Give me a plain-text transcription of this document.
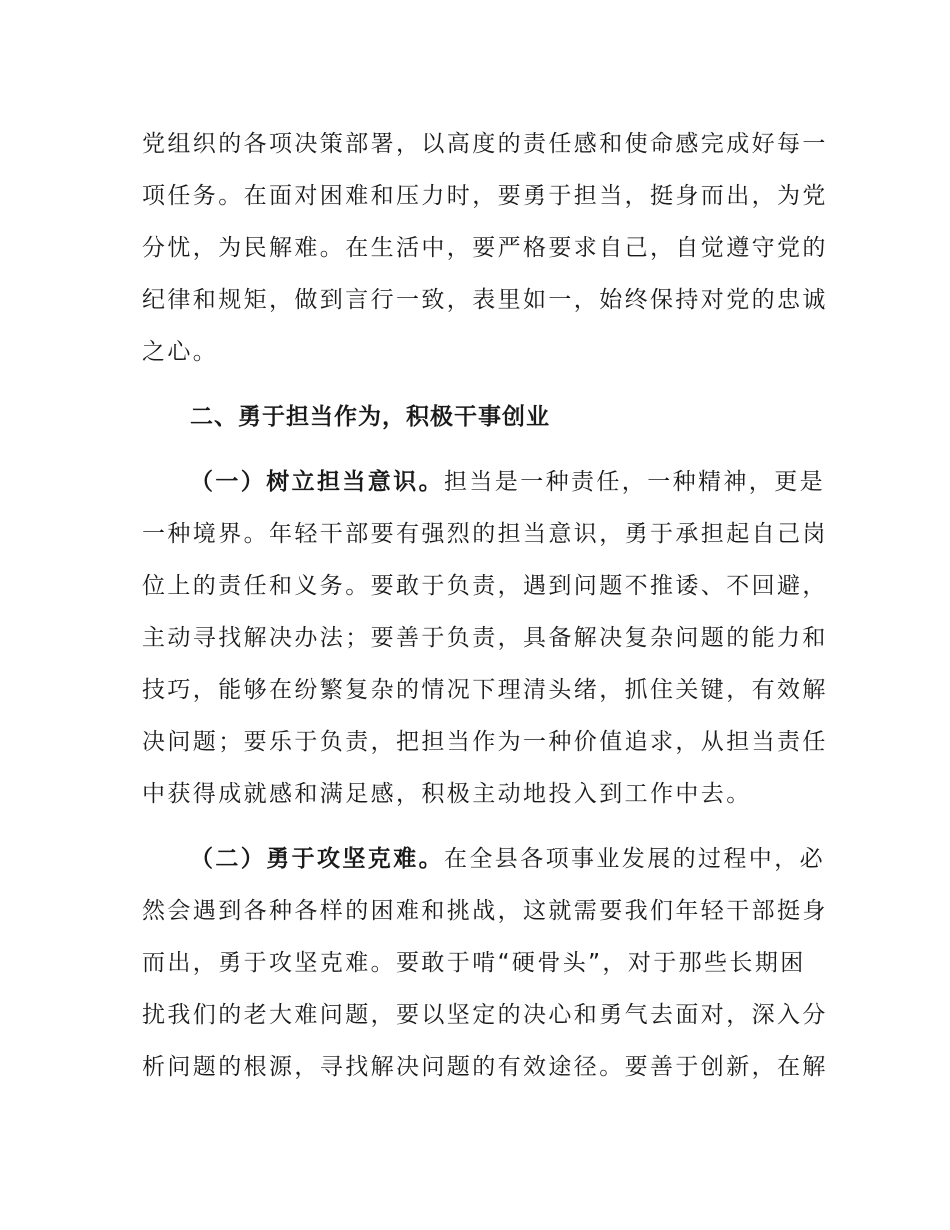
党组织的各项决策部署，以高度的责任感和使命感完成好每一
项任务。在面对困难和压力时，要勇于担当，挺身而出，为党
分忧，为民解难。在生活中，要严格要求自己，自觉遵守党的
纪律和规矩，做到言行一致，表里如一，始终保持对党的忠诚
之心。
二、勇于担当作为，积极干事创业
（一）树立担当意识。担当是一种责任，一种精神，更是
一种境界。年轻干部要有强烈的担当意识，勇于承担起自己岗
位上的责任和义务。要敢于负责，遇到问题不推诿、不回避，
主动寻找解决办法；要善于负责，具备解决复杂问题的能力和
技巧，能够在纷繁复杂的情况下理清头绪，抓住关键，有效解
决问题；要乐于负责，把担当作为一种价值追求，从担当责任
中获得成就感和满足感，积极主动地投入到工作中去。
（二）勇于攻坚克难。在全县各项事业发展的过程中，必
然会遇到各种各样的困难和挑战，这就需要我们年轻干部挺身
而出，勇于攻坚克难。要敢于啃“硬骨头”，对于那些长期困
扰我们的老大难问题，要以坚定的决心和勇气去面对，深入分
析问题的根源，寻找解决问题的有效途径。要善于创新，在解
